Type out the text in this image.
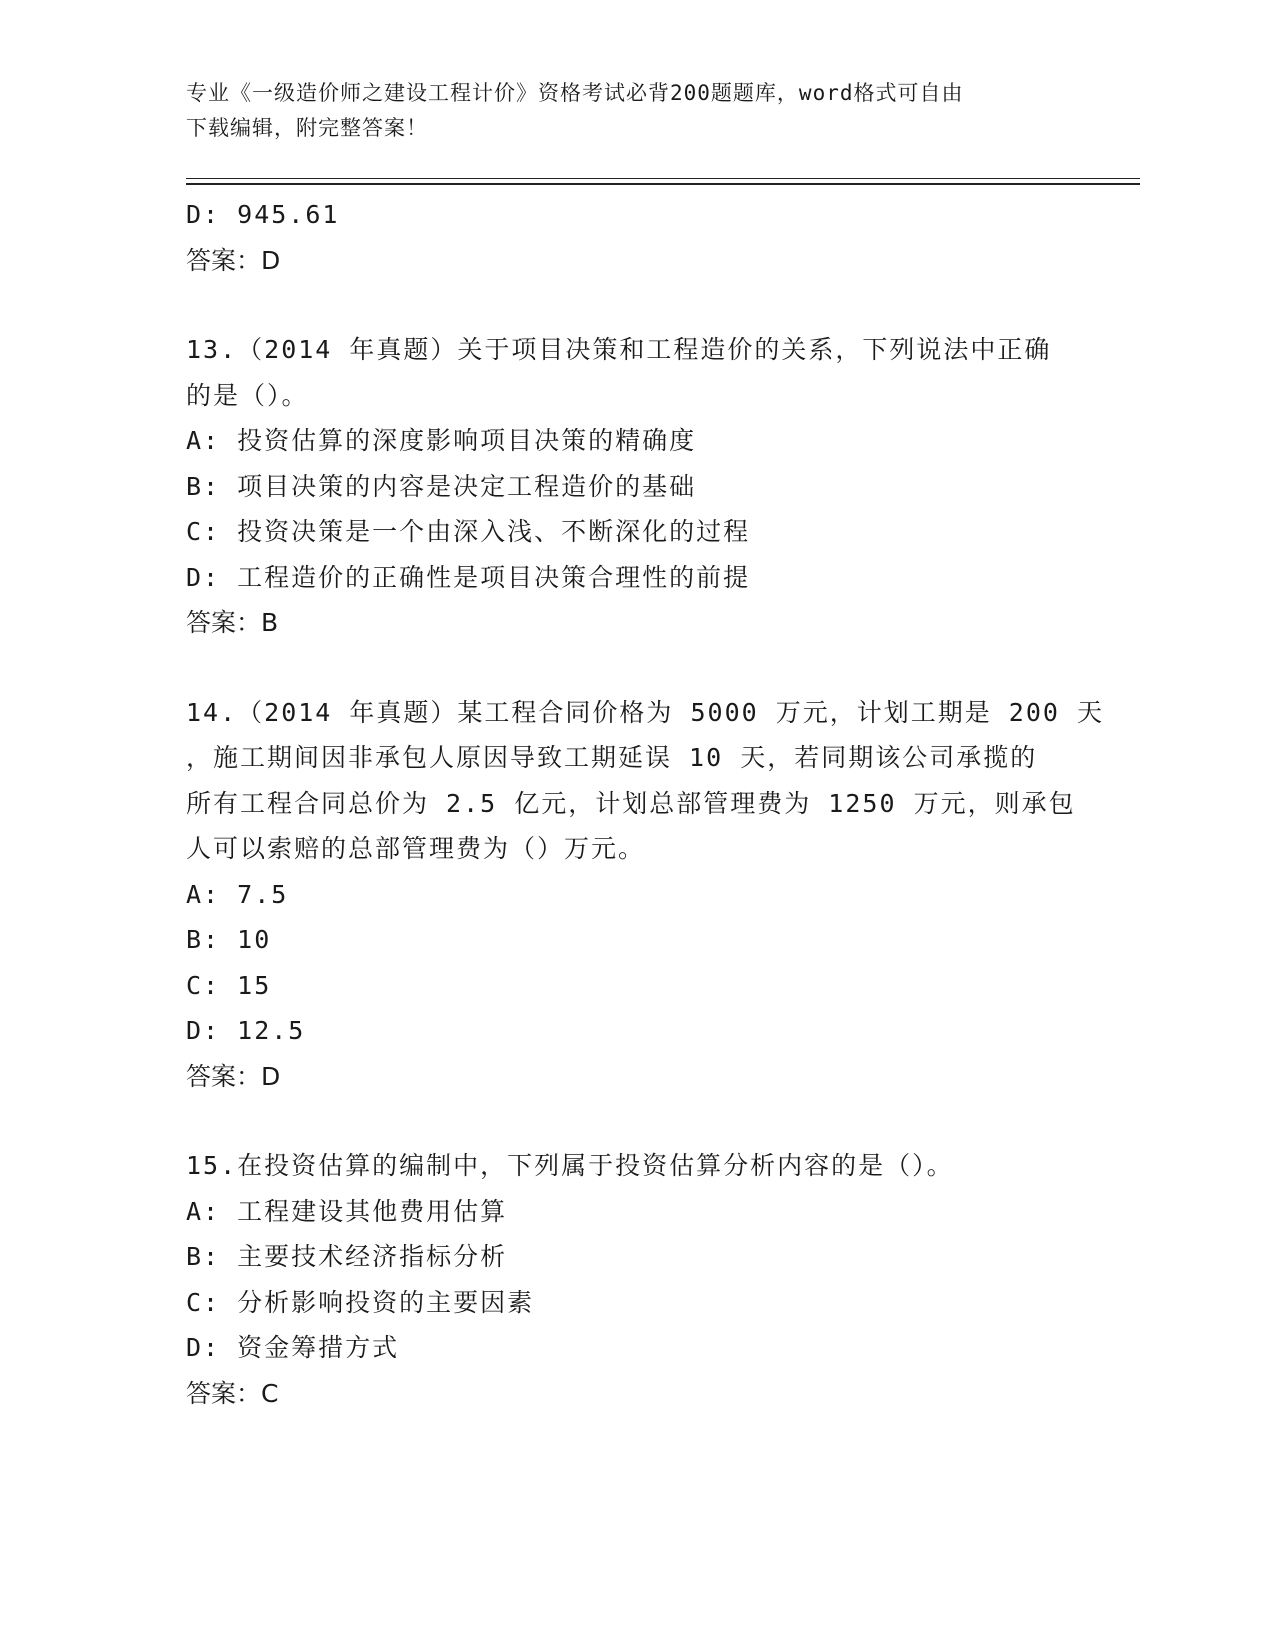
专业《一级造价师之建设工程计价》资格考试必背200题题库，word格式可自由
下载编辑，附完整答案！
D: 945.61
答案：D
13.（2014 年真题）关于项目决策和工程造价的关系，下列说法中正确
的是（）。
A: 投资估算的深度影响项目决策的精确度
B: 项目决策的内容是决定工程造价的基础
C: 投资决策是一个由深入浅、不断深化的过程
D: 工程造价的正确性是项目决策合理性的前提
答案：B
14.（2014 年真题）某工程合同价格为 5000 万元，计划工期是 200 天
，施工期间因非承包人原因导致工期延误 10 天，若同期该公司承揽的
所有工程合同总价为 2.5 亿元，计划总部管理费为 1250 万元，则承包
人可以索赔的总部管理费为（）万元。
A: 7.5
B: 10
C: 15
D: 12.5
答案：D
15.在投资估算的编制中，下列属于投资估算分析内容的是（）。
A: 工程建设其他费用估算
B: 主要技术经济指标分析
C: 分析影响投资的主要因素
D: 资金筹措方式
答案：C
